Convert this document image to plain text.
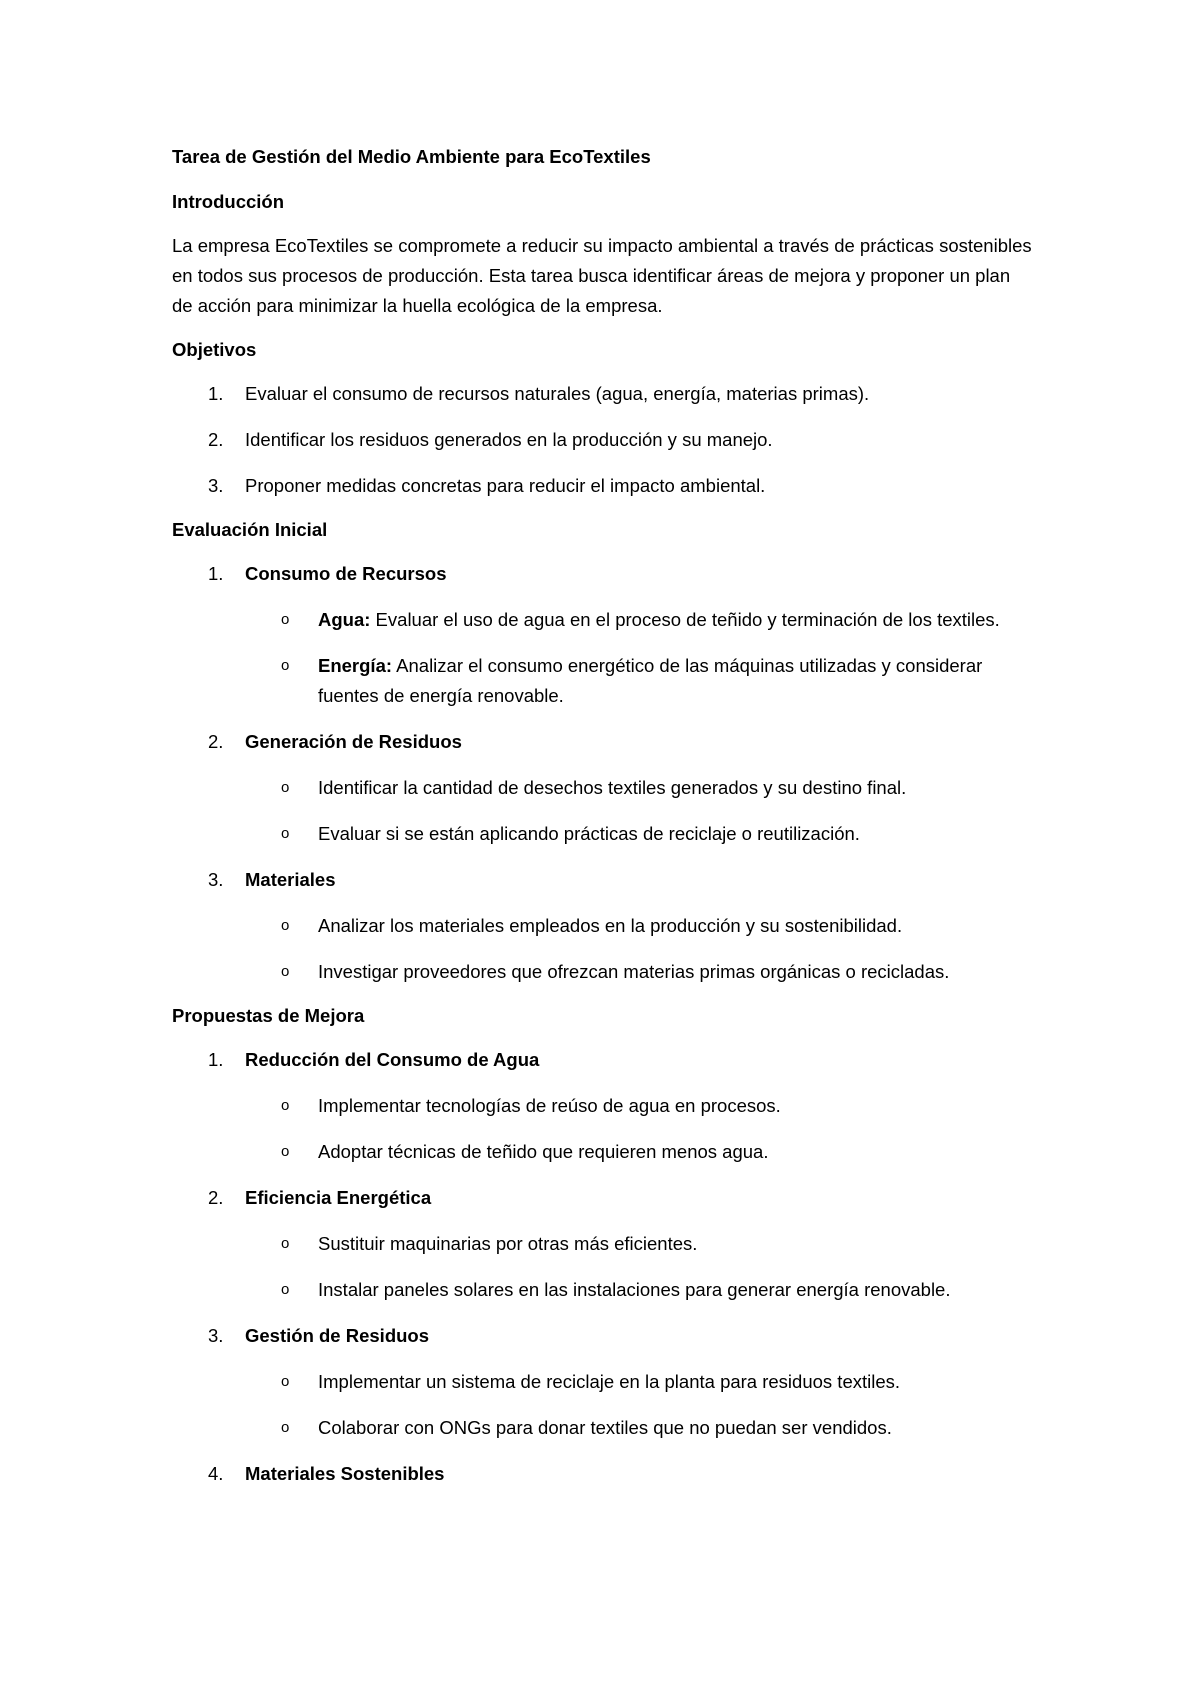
Tarea de Gestión del Medio Ambiente para EcoTextiles
Introducción
La empresa EcoTextiles se compromete a reducir su impacto ambiental a través de prácticas sostenibles en todos sus procesos de producción. Esta tarea busca identificar áreas de mejora y proponer un plan de acción para minimizar la huella ecológica de la empresa.
Objetivos
1. Evaluar el consumo de recursos naturales (agua, energía, materias primas).
2. Identificar los residuos generados en la producción y su manejo.
3. Proponer medidas concretas para reducir el impacto ambiental.
Evaluación Inicial
1. Consumo de Recursos
o Agua: Evaluar el uso de agua en el proceso de teñido y terminación de los textiles.
o Energía: Analizar el consumo energético de las máquinas utilizadas y considerar fuentes de energía renovable.
2. Generación de Residuos
o Identificar la cantidad de desechos textiles generados y su destino final.
o Evaluar si se están aplicando prácticas de reciclaje o reutilización.
3. Materiales
o Analizar los materiales empleados en la producción y su sostenibilidad.
o Investigar proveedores que ofrezcan materias primas orgánicas o recicladas.
Propuestas de Mejora
1. Reducción del Consumo de Agua
o Implementar tecnologías de reúso de agua en procesos.
o Adoptar técnicas de teñido que requieren menos agua.
2. Eficiencia Energética
o Sustituir maquinarias por otras más eficientes.
o Instalar paneles solares en las instalaciones para generar energía renovable.
3. Gestión de Residuos
o Implementar un sistema de reciclaje en la planta para residuos textiles.
o Colaborar con ONGs para donar textiles que no puedan ser vendidos.
4. Materiales Sostenibles
